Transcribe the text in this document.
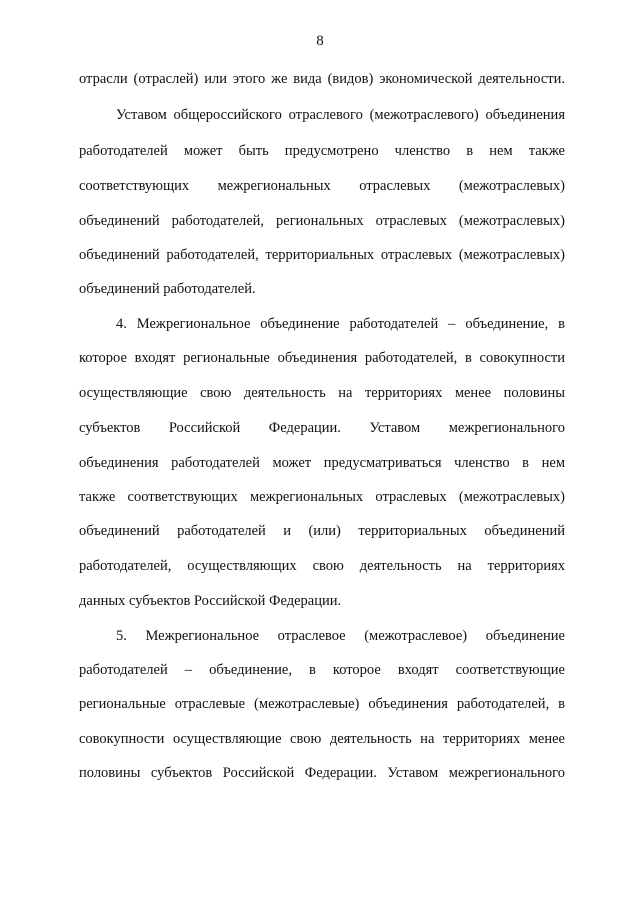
8
отрасли (отраслей) или этого же вида (видов) экономической деятельности.
Уставом общероссийского отраслевого (межотраслевого) объединения
работодателей может быть предусмотрено членство в нем также
соответствующих межрегиональных отраслевых (межотраслевых)
объединений работодателей, региональных отраслевых (межотраслевых)
объединений работодателей, территориальных отраслевых (межотраслевых)
объединений работодателей.
4. Межрегиональное объединение работодателей – объединение, в
которое входят региональные объединения работодателей, в совокупности
осуществляющие свою деятельность на территориях менее половины
субъектов Российской Федерации. Уставом межрегионального
объединения работодателей может предусматриваться членство в нем
также соответствующих межрегиональных отраслевых (межотраслевых)
объединений работодателей и (или) территориальных объединений
работодателей, осуществляющих свою деятельность на территориях
данных субъектов Российской Федерации.
5. Межрегиональное отраслевое (межотраслевое) объединение
работодателей – объединение, в которое входят соответствующие
региональные отраслевые (межотраслевые) объединения работодателей, в
совокупности осуществляющие свою деятельность на территориях менее
половины субъектов Российской Федерации. Уставом межрегионального
